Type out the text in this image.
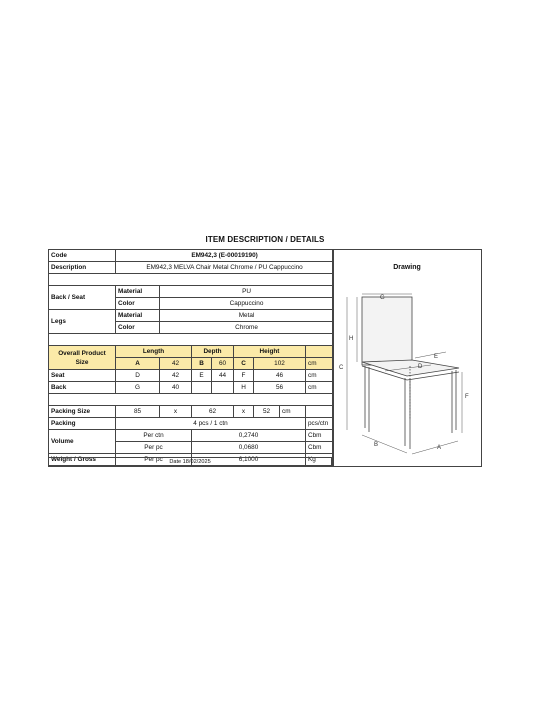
ITEM DESCRIPTION / DETAILS
Code	EM942,3 (E-00019190)							
Description	EM942,3 MELVA Chair Metal Chrome / PU Cappuccino							

Back / Seat	Material	PU						
	Color	Cappuccino						
Legs	Material	Metal						
	Color	Chrome						

Overall Product Size	Length		Depth		Height			
	A	42	B	60	C	102		cm
Seat	D	42	E	44	F	46		cm
Back	G	40			H	56		cm

Packing Size	85	x	62		x	52	cm	
Packing	4 pcs / 1 ctn							pcs/ctn
Volume	Per ctn		0,2740					Cbm
	Per pc		0,0680					Cbm
Weight / Gross	Per pc		6,1000					Kg
Date 18/02/2025
Drawing
G
H
C
E
D
F
B	A
